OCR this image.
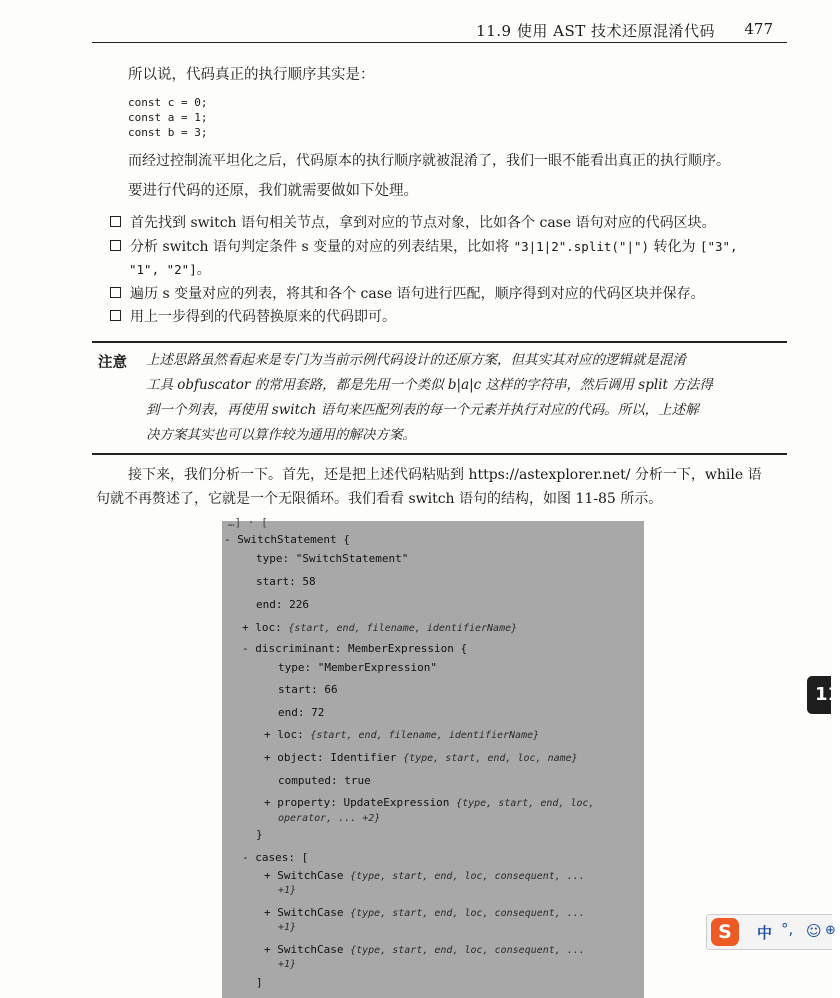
11.9 使用 AST 技术还原混淆代码 477
所以说，代码真正的执行顺序其实是：
const c = 0;
const a = 1;
const b = 3;
而经过控制流平坦化之后，代码原本的执行顺序就被混淆了，我们一眼不能看出真正的执行顺序。
要进行代码的还原，我们就需要做如下处理。
首先找到 switch 语句相关节点，拿到对应的节点对象，比如各个 case 语句对应的代码区块。
分析 switch 语句判定条件 s 变量的对应的列表结果，比如将 "3|1|2".split("|") 转化为 ["3",
"1", "2"]。
遍历 s 变量对应的列表，将其和各个 case 语句进行匹配，顺序得到对应的代码区块并保存。
用上一步得到的代码替换原来的代码即可。
注意 上述思路虽然看起来是专门为当前示例代码设计的还原方案，但其实其对应的逻辑就是混淆
工具 obfuscator 的常用套路，都是先用一个类似 b|a|c 这样的字符串，然后调用 split 方法得
到一个列表，再使用 switch 语句来匹配列表的每一个元素并执行对应的代码。所以，上述解
决方案其实也可以算作较为通用的解决方案。
接下来，我们分析一下。首先，还是把上述代码粘贴到 https://astexplorer.net/ 分析一下，while 语
句就不再赘述了，它就是一个无限循环。我们看看 switch 语句的结构，如图 11-85 所示。
…] · [
- SwitchStatement {
type: "SwitchStatement"
start: 58
end: 226
+ loc: {start, end, filename, identifierName}
- discriminant: MemberExpression {
type: "MemberExpression"
start: 66
end: 72
+ loc: {start, end, filename, identifierName}
+ object: Identifier {type, start, end, loc, name}
computed: true
+ property: UpdateExpression {type, start, end, loc,
operator, ... +2}
}
- cases: [
+ SwitchCase {type, start, end, loc, consequent, ...
+1}
+ SwitchCase {type, start, end, loc, consequent, ...
+1}
+ SwitchCase {type, start, end, loc, consequent, ...
+1}
]
11
S	中 °, ☺ ⊕
